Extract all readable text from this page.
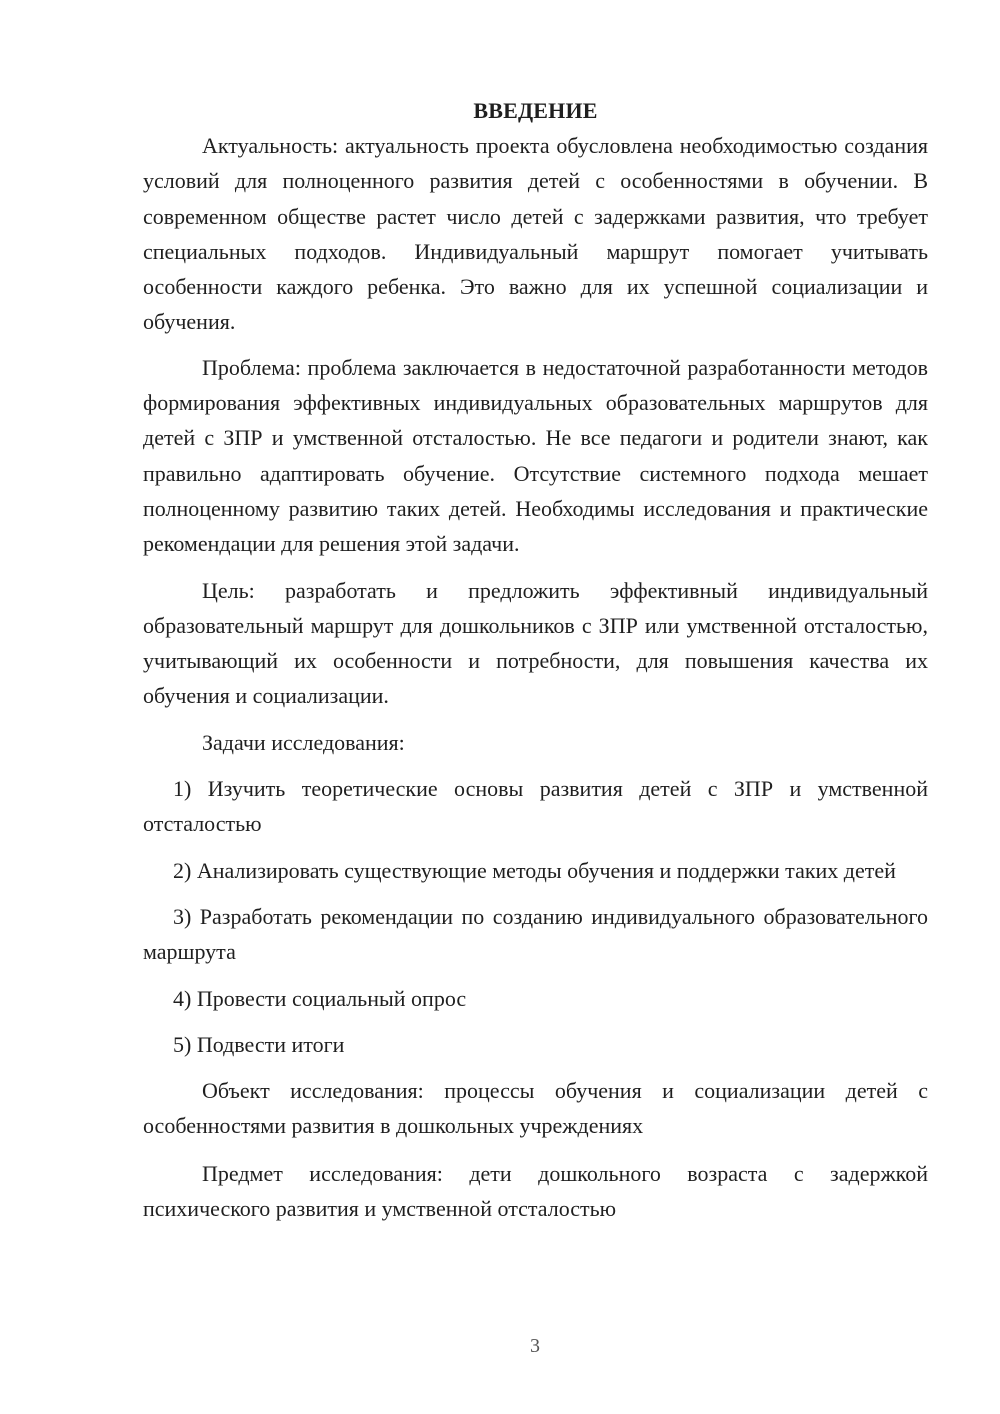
ВВЕДЕНИЕ

Актуальность: актуальность проекта обусловлена необходимостью создания условий для полноценного развития детей с особенностями в обучении. В современном обществе растет число детей с задержками развития, что требует специальных подходов. Индивидуальный маршрут помогает учитывать особенности каждого ребенка. Это важно для их успешной социализации и обучения.

Проблема: проблема заключается в недостаточной разработанности методов формирования эффективных индивидуальных образовательных маршрутов для детей с ЗПР и умственной отсталостью. Не все педагоги и родители знают, как правильно адаптировать обучение. Отсутствие системного подхода мешает полноценному развитию таких детей. Необходимы исследования и практические рекомендации для решения этой задачи.

Цель: разработать и предложить эффективный индивидуальный образовательный маршрут для дошкольников с ЗПР или умственной отсталостью, учитывающий их особенности и потребности, для повышения качества их обучения и социализации.

Задачи исследования:

1) Изучить теоретические основы развития детей с ЗПР и умственной отсталостью

2) Анализировать существующие методы обучения и поддержки таких детей

3) Разработать рекомендации по созданию индивидуального образовательного маршрута

4) Провести социальный опрос

5) Подвести итоги

Объект исследования: процессы обучения и социализации детей с особенностями развития в дошкольных учреждениях

Предмет исследования: дети дошкольного возраста с задержкой психического развития и умственной отсталостью

3
